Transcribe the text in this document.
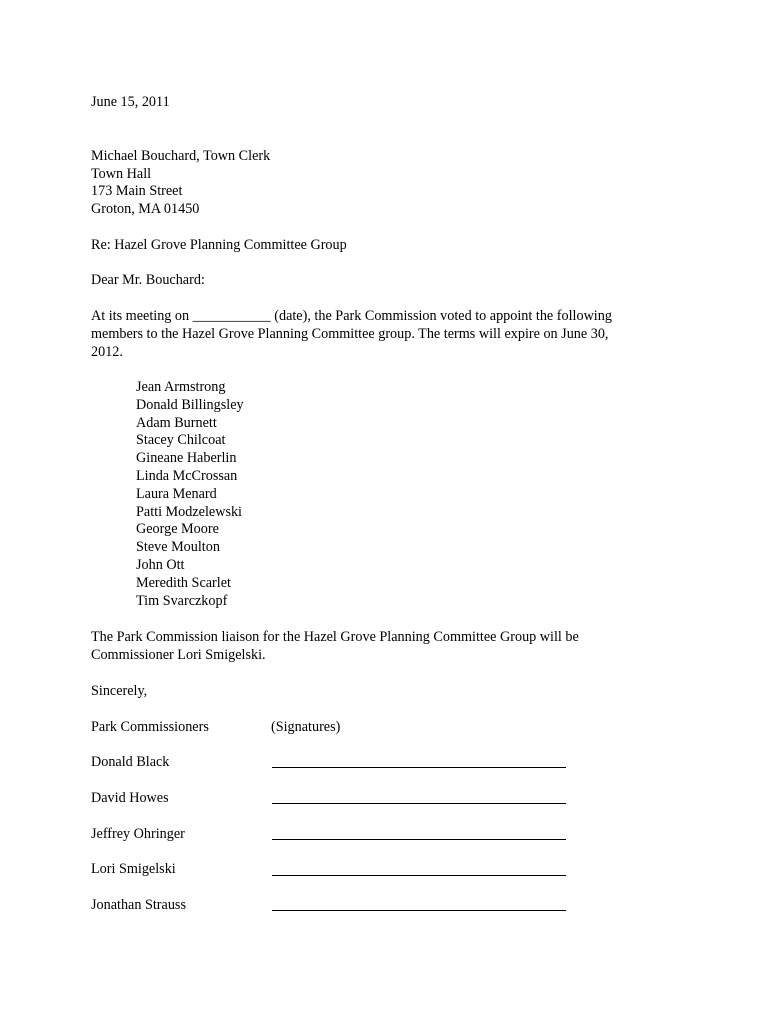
June 15, 2011
Michael Bouchard, Town Clerk
Town Hall
173 Main Street
Groton, MA 01450
Re: Hazel Grove Planning Committee Group
Dear Mr. Bouchard:
At its meeting on ___________ (date), the Park Commission voted to appoint the following
members to the Hazel Grove Planning Committee group. The terms will expire on June 30,
2012.
Jean Armstrong
Donald Billingsley
Adam Burnett
Stacey Chilcoat
Gineane Haberlin
Linda McCrossan
Laura Menard
Patti Modzelewski
George Moore
Steve Moulton
John Ott
Meredith Scarlet
Tim Svarczkopf
The Park Commission liaison for the Hazel Grove Planning Committee Group will be
Commissioner Lori Smigelski.
Sincerely,
Park Commissioners	(Signatures)
Donald Black
David Howes
Jeffrey Ohringer
Lori Smigelski
Jonathan Strauss
